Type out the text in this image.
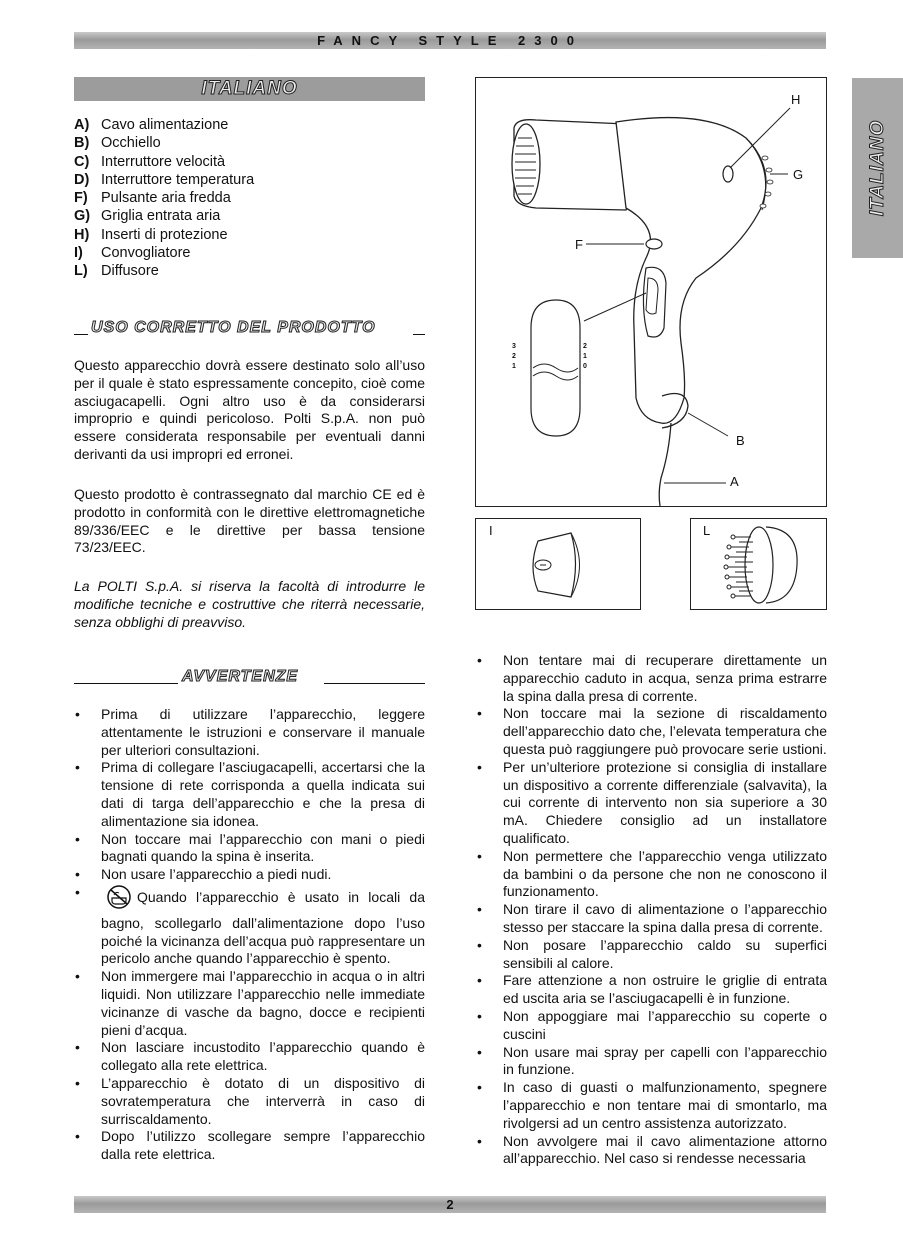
FANCY STYLE 2300
ITALIANO
ITALIANO
A) Cavo alimentazione
B) Occhiello
C) Interruttore velocità
D) Interruttore temperatura
F) Pulsante aria fredda
G) Griglia entrata aria
H) Inserti di protezione
I)	Convogliatore
L) Diffusore
USO CORRETTO DEL PRODOTTO

Questo apparecchio dovrà essere destinato solo all’uso per il quale è stato espressamente concepito, cioè come asciugacapelli. Ogni altro uso è da considerarsi improprio e quindi pericoloso. Polti S.p.A. non può essere considerata responsabile per eventuali danni derivanti da usi impropri ed erronei.

Questo prodotto è contrassegnato dal marchio CE ed è prodotto in conformità con le direttive elettromagnetiche 89/336/EEC e le direttive per bassa tensione 73/23/EEC.

La POLTI S.p.A. si riserva la facoltà di introdurre le modifiche tecniche e costruttive che riterrà necessarie, senza obblighi di preavviso.

AVVERTENZE
• Prima di utilizzare l’apparecchio, leggere attentamente le istruzioni e conservare il manuale per ulteriori consultazioni.
• Prima di collegare l’asciugacapelli, accertarsi che la tensione di rete corrisponda a quella indicata sui dati di targa dell’apparecchio e che la presa di alimentazione sia idonea.
• Non toccare mai l’apparecchio con mani o piedi bagnati quando la spina è inserita.
• Non usare l’apparecchio a piedi nudi.
• Quando l’apparecchio è usato in locali da bagno, scollegarlo dall’alimentazione dopo l’uso poiché la vicinanza dell’acqua può rappresentare un pericolo anche quando l’apparecchio è spento.
• Non immergere mai l’apparecchio in acqua o in altri liquidi. Non utilizzare l’apparecchio nelle immediate vicinanze di vasche da bagno, docce e recipienti pieni d’acqua.
• Non lasciare incustodito l’apparecchio quando è collegato alla rete elettrica.
• L’apparecchio è dotato di un dispositivo di sovratemperatura che interverrà in caso di surriscaldamento.
• Dopo l’utilizzo scollegare sempre l’apparecchio dalla rete elettrica.
• Non tentare mai di recuperare direttamente un apparecchio caduto in acqua, senza prima estrarre la spina dalla presa di corrente.
• Non toccare mai la sezione di riscaldamento dell’apparecchio dato che, l’elevata temperatura che questa può raggiungere può provocare serie ustioni.
• Per un’ulteriore protezione si consiglia di installare un dispositivo a corrente differenziale (salvavita), la cui corrente di intervento non sia superiore a 30 mA. Chiedere consiglio ad un installatore qualificato.
• Non permettere che l’apparecchio venga utilizzato da bambini o da persone che non ne conoscono il funzionamento.
• Non tirare il cavo di alimentazione o l’apparecchio stesso per staccare la spina dalla presa di corrente.
• Non posare l’apparecchio caldo su superfici sensibili al calore.
• Fare attenzione a non ostruire le griglie di entrata ed uscita aria se l’asciugacapelli è in funzione.
• Non appoggiare mai l’apparecchio su coperte o cuscini
• Non usare mai spray per capelli con l’apparecchio in funzione.
• In caso di guasti o malfunzionamento, spegnere l’apparecchio e non tentare mai di smontarlo, ma rivolgersi ad un centro assistenza autorizzato.
• Non avvolgere mai il cavo alimentazione attorno all’apparecchio. Nel caso si rendesse necessaria
H
G
F
B
A
3
2
1
2
1
0
I	L
2
